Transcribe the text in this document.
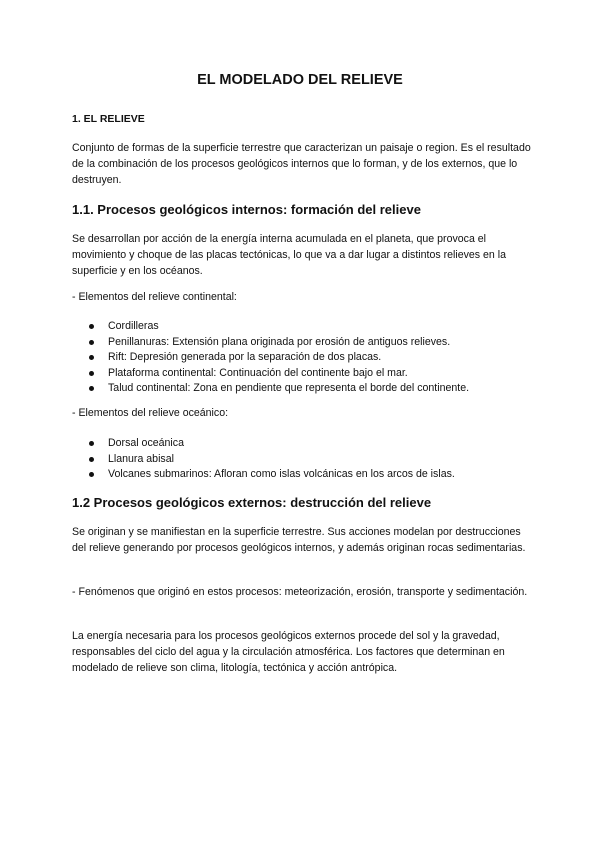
EL MODELADO DEL RELIEVE
1. EL RELIEVE

Conjunto de formas de la superficie terrestre que caracterizan un paisaje o region. Es el resultado de la combinación de los procesos geológicos internos que lo forman, y de los externos, que lo destruyen.

1.1. Procesos geológicos internos: formación del relieve

Se desarrollan por acción de la energía interna acumulada en el planeta, que provoca el movimiento y choque de las placas tectónicas, lo que va a dar lugar a distintos relieves en la superficie y en los océanos.

- Elementos del relieve continental:

Cordilleras
Penillanuras: Extensión plana originada por erosión de antiguos relieves.
Rift: Depresión generada por la separación de dos placas.
Plataforma continental: Continuación del continente bajo el mar.
Talud continental: Zona en pendiente que representa el borde del continente.

- Elementos del relieve oceánico:

Dorsal oceánica
Llanura abisal
Volcanes submarinos: Afloran como islas volcánicas en los arcos de islas.
1.2 Procesos geológicos externos: destrucción del relieve

Se originan y se manifiestan en la superficie terrestre. Sus acciones modelan por destrucciones del relieve generando por procesos geológicos internos, y además originan rocas sedimentarias.

- Fenómenos que originó en estos procesos: meteorización, erosión, transporte y sedimentación.

La energía necesaria para los procesos geológicos externos procede del sol y la gravedad, responsables del ciclo del agua y la circulación atmosférica. Los factores que determinan en modelado de relieve son clima, litología, tectónica y acción antrópica.
